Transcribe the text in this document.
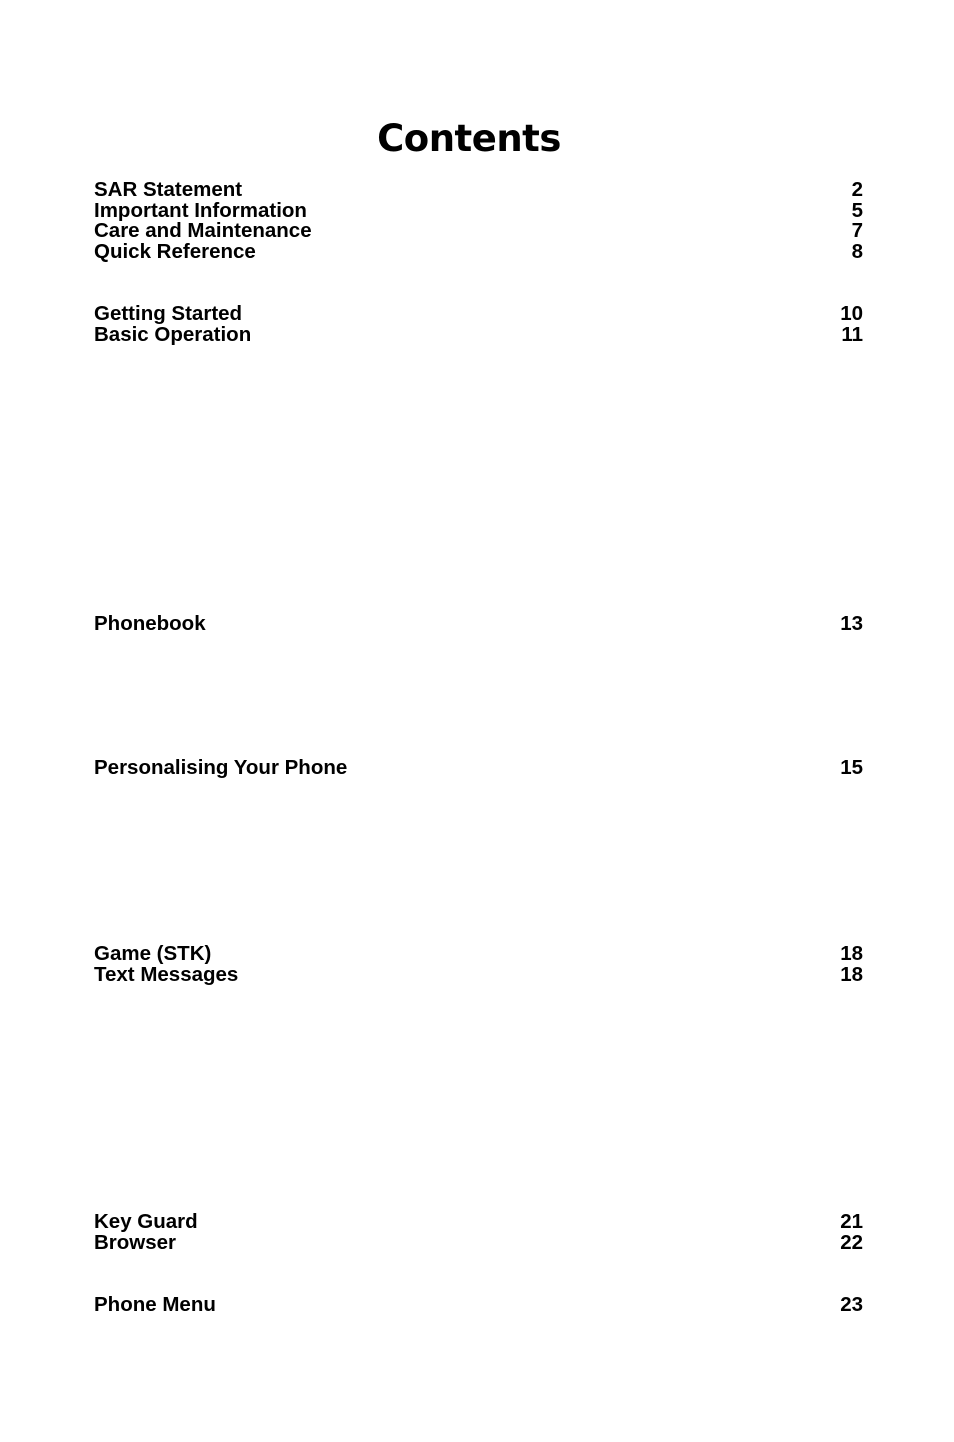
Contents
SAR Statement	2
Important Information	5
Care and Maintenance	7
Quick Reference	8
Getting Started	10
Basic Operation	11
Phonebook	13
Personalising Your Phone	15
Game (STK)	18
Text Messages	18
Key Guard	21
Browser	22
Phone Menu	23
